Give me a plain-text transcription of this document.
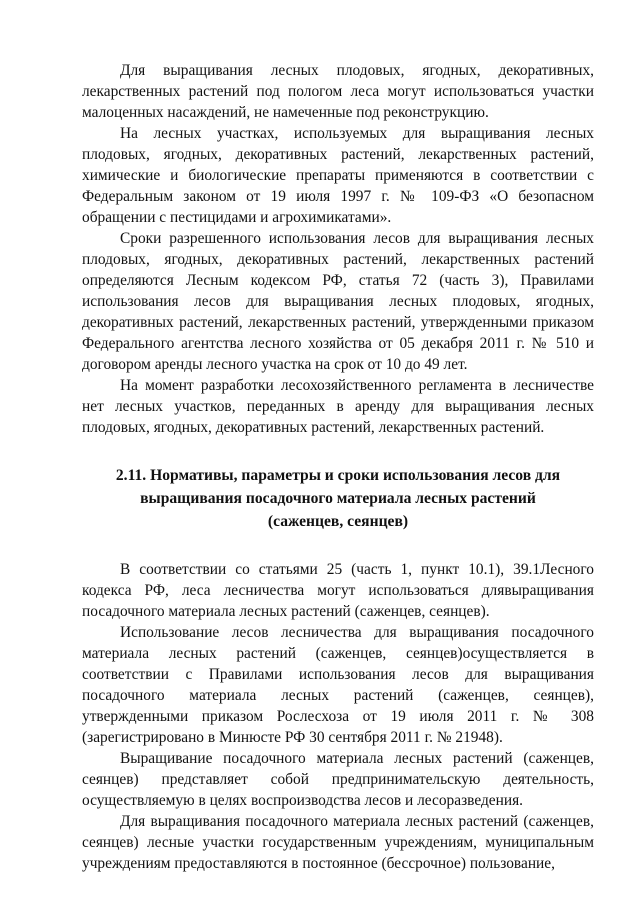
Для выращивания лесных плодовых, ягодных, декоративных, лекарственных растений под пологом леса могут использоваться участки малоценных насаждений, не намеченные под реконструкцию.

На лесных участках, используемых для выращивания лесных плодовых, ягодных, декоративных растений, лекарственных растений, химические и биологические препараты применяются в соответствии с Федеральным законом от 19 июля 1997 г. № 109-ФЗ «О безопасном обращении с пестицидами и агрохимикатами».

Сроки разрешенного использования лесов для выращивания лесных плодовых, ягодных, декоративных растений, лекарственных растений определяются Лесным кодексом РФ, статья 72 (часть 3), Правилами использования лесов для выращивания лесных плодовых, ягодных, декоративных растений, лекарственных растений, утвержденными приказом Федерального агентства лесного хозяйства от 05 декабря 2011 г. № 510 и договором аренды лесного участка на срок от 10 до 49 лет.

На момент разработки лесохозяйственного регламента в лесничестве нет лесных участков, переданных в аренду для выращивания лесных плодовых, ягодных, декоративных растений, лекарственных растений.

2.11. Нормативы, параметры и сроки использования лесов для
выращивания посадочного материала лесных растений
(саженцев, сеянцев)

В соответствии со статьями 25 (часть 1, пункт 10.1), 39.1Лесного кодекса РФ, леса лесничества могут использоваться длявыращивания посадочного материала лесных растений (саженцев, сеянцев).

Использование лесов лесничества для выращивания посадочного материала лесных растений (саженцев, сеянцев)осуществляется в соответствии с Правилами использования лесов для выращивания посадочного материала лесных растений (саженцев, сеянцев), утвержденными приказом Рослесхоза от 19 июля 2011 г. № 308 (зарегистрировано в Минюсте РФ 30 сентября 2011 г. № 21948).

Выращивание посадочного материала лесных растений (саженцев, сеянцев) представляет собой предпринимательскую деятельность, осуществляемую в целях воспроизводства лесов и лесоразведения.

Для выращивания посадочного материала лесных растений (саженцев, сеянцев) лесные участки государственным учреждениям, муниципальным учреждениям предоставляются в постоянное (бессрочное) пользование,
